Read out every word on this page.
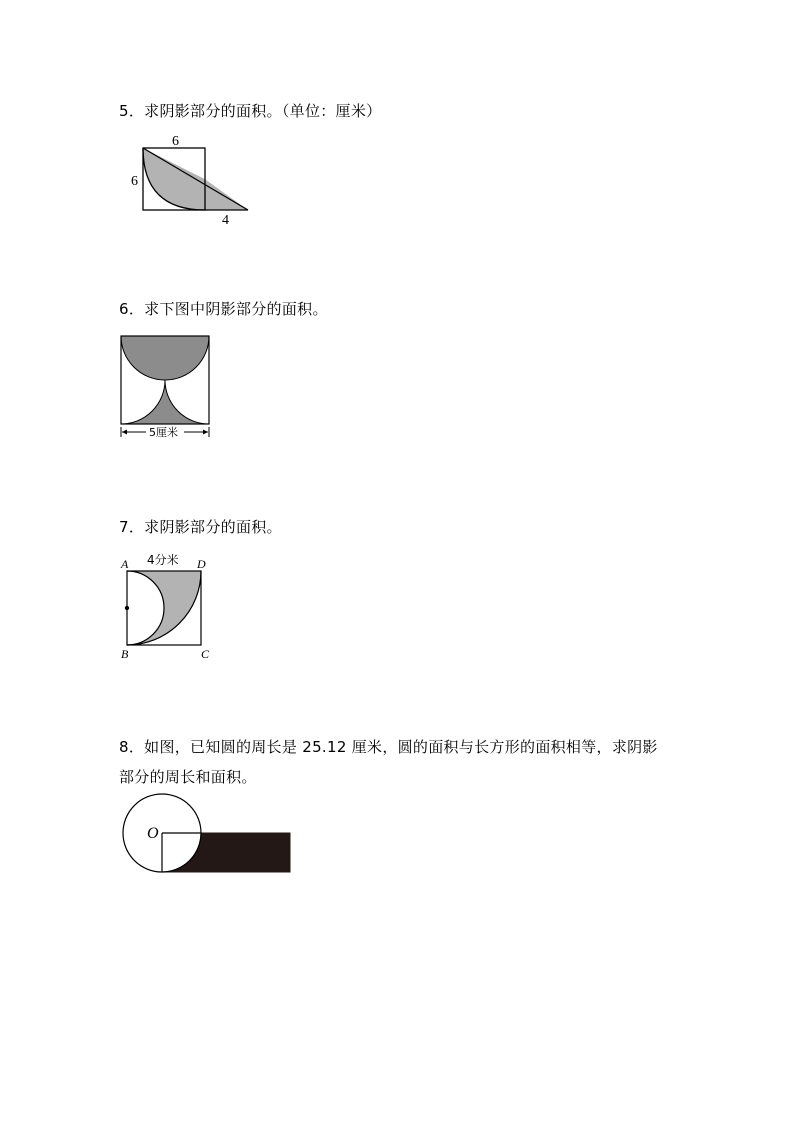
5．求阴影部分的面积。（单位：厘米）
6
6
4
6．求下图中阴影部分的面积。
5厘米
7．求阴影部分的面积。
4分米
A	D
B	C
8．如图，已知圆的周长是 25.12 厘米，圆的面积与长方形的面积相等，求阴影
部分的周长和面积。
O
